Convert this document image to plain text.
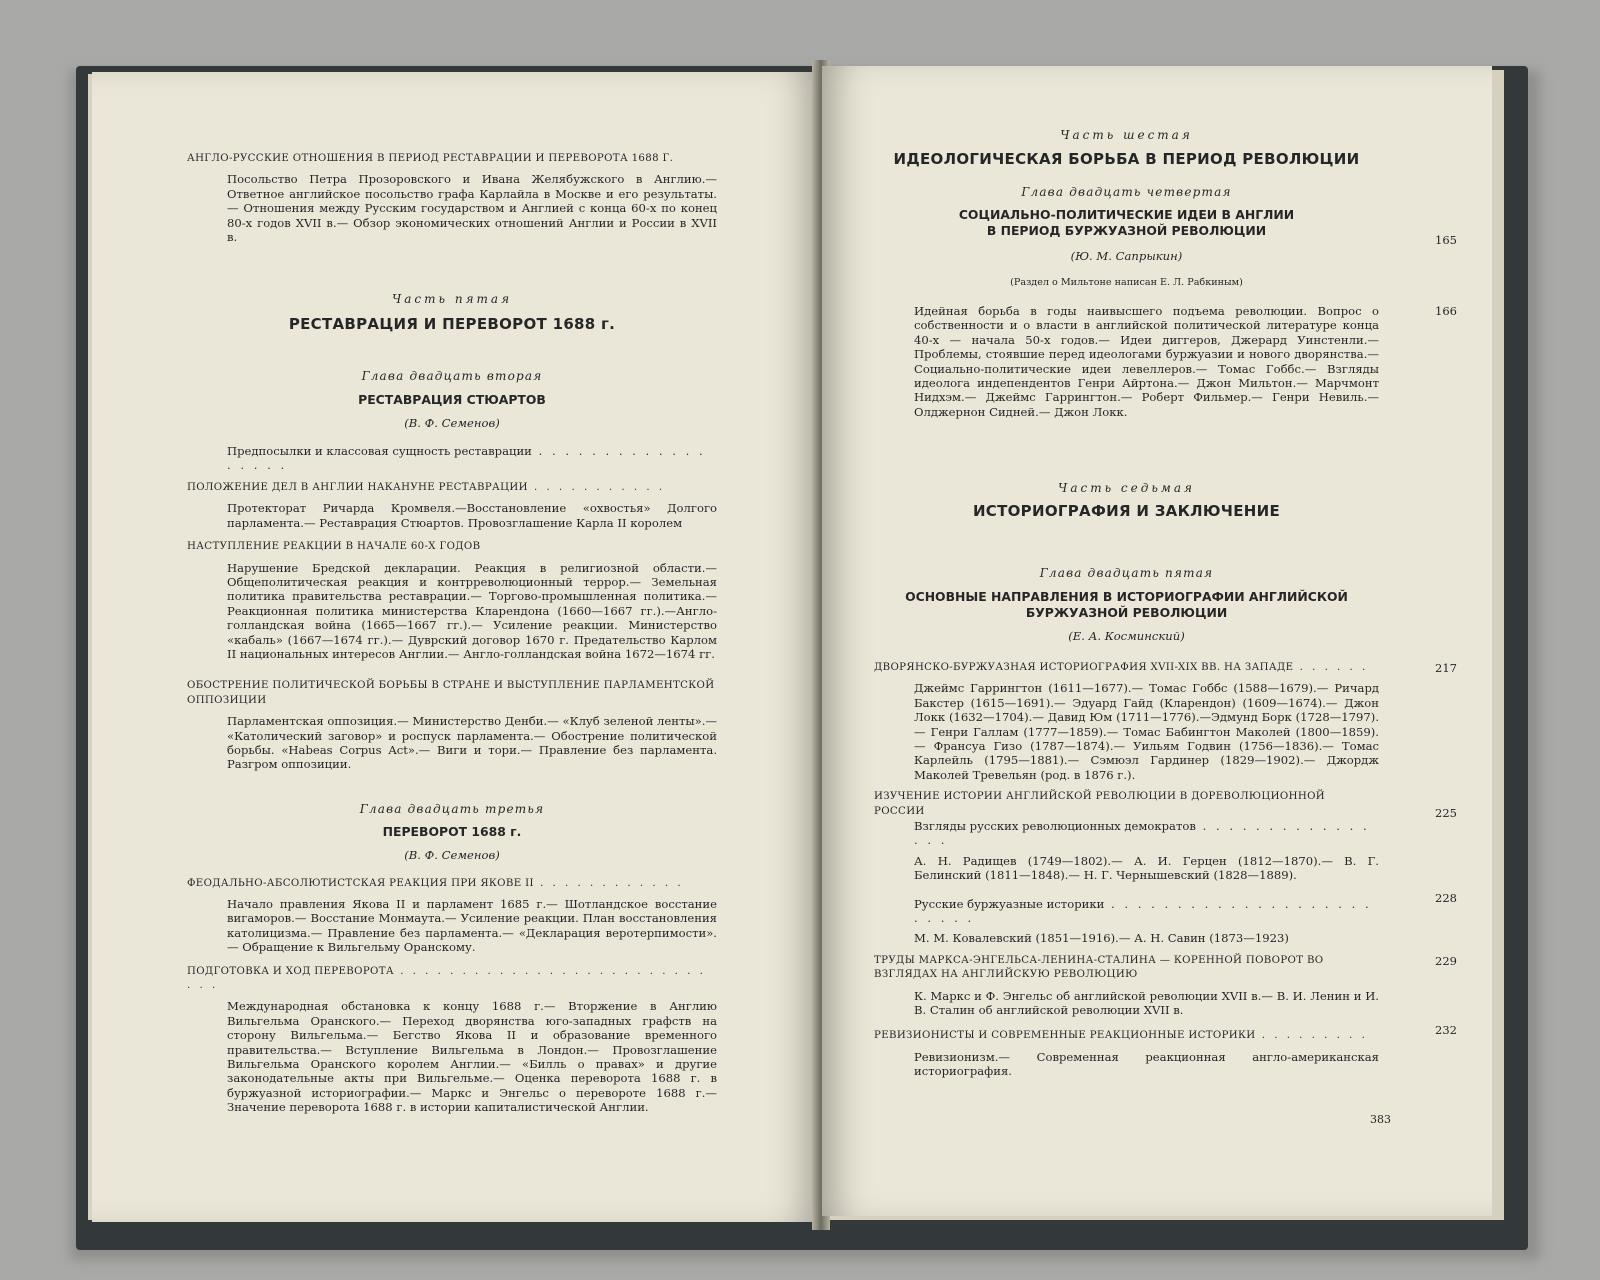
АНГЛО-РУССКИЕ ОТНОШЕНИЯ В ПЕРИОД РЕСТАВРАЦИИ И ПЕРЕВОРОТА 1688 Г.
Посольство Петра Прозоровского и Ивана Желябужского в Англию.— Ответное английское посольство графа Карлайла в Москве и его результаты.— Отношения между Русским государством и Англией с конца 60-х по конец 80-х годов XVII в.— Обзор экономических отношений Англии и России в XVII в.
Часть пятая
РЕСТАВРАЦИЯ И ПЕРЕВОРОТ 1688 г.
Глава двадцать вторая
РЕСТАВРАЦИЯ СТЮАРТОВ
(В. Ф. Семенов)
Предпосылки и классовая сущность реставрации . . . . . . . . . . . . . . . . . .
ПОЛОЖЕНИЕ ДЕЛ В АНГЛИИ НАКАНУНЕ РЕСТАВРАЦИИ . . . . . . . . . . .
Протекторат Ричарда Кромвеля.—Восстановление «охвостья» Долгого парламента.— Реставрация Стюартов. Провозглашение Карла II королем
НАСТУПЛЕНИЕ РЕАКЦИИ В НАЧАЛЕ 60-Х ГОДОВ
Нарушение Бредской декларации. Реакция в религиозной области.—Общеполитическая реакция и контрреволюционный террор.— Земельная политика правительства реставрации.— Торгово-промышленная политика.— Реакционная политика министерства Кларендона (1660—1667 гг.).—Англо-голландская война (1665—1667 гг.).— Усиление реакции. Министерство «кабаль» (1667—1674 гг.).— Дуврский договор 1670 г. Предательство Карлом II национальных интересов Англии.— Англо-голландская война 1672—1674 гг.
ОБОСТРЕНИЕ ПОЛИТИЧЕСКОЙ БОРЬБЫ В СТРАНЕ И ВЫСТУПЛЕНИЕ ПАРЛАМЕНТСКОЙ ОППОЗИЦИИ
Парламентская оппозиция.— Министерство Денби.— «Клуб зеленой ленты».— «Католический заговор» и роспуск парламента.— Обострение политической борьбы. «Habeas Corpus Act».— Виги и тори.— Правление без парламента. Разгром оппозиции.
Глава двадцать третья
ПЕРЕВОРОТ 1688 г.
(В. Ф. Семенов)
ФЕОДАЛЬНО-АБСОЛЮТИСТСКАЯ РЕАКЦИЯ ПРИ ЯКОВЕ II . . . . . . . . . . . .
Начало правления Якова II и парламент 1685 г.— Шотландское восстание вигаморов.— Восстание Монмаута.— Усиление реакции. План восстановления католицизма.— Правление без парламента.— «Декларация веротерпимости».— Обращение к Вильгельму Оранскому.
ПОДГОТОВКА И ХОД ПЕРЕВОРОТА . . . . . . . . . . . . . . . . . . . . . . . . . . . .
Международная обстановка к концу 1688 г.— Вторжение в Англию Вильгельма Оранского.— Переход дворянства юго-западных графств на сторону Вильгельма.— Бегство Якова II и образование временного правительства.— Вступление Вильгельма в Лондон.— Провозглашение Вильгельма Оранского королем Англии.— «Билль о правах» и другие законодательные акты при Вильгельме.— Оценка переворота 1688 г. в буржуазной историографии.— Маркс и Энгельс о перевороте 1688 г.— Значение переворота 1688 г. в истории капиталистической Англии.
Часть шестая
ИДЕОЛОГИЧЕСКАЯ БОРЬБА В ПЕРИОД РЕВОЛЮЦИИ
Глава двадцать четвертая
СОЦИАЛЬНО-ПОЛИТИЧЕСКИЕ ИДЕИ В АНГЛИИ
В ПЕРИОД БУРЖУАЗНОЙ РЕВОЛЮЦИИ
165
(Ю. М. Сапрыкин)
(Раздел о Мильтоне написан Е. Л. Рабкиным)
166
Идейная борьба в годы наивысшего подъема революции. Вопрос о собственности и о власти в английской политической литературе конца 40-х — начала 50-х годов.— Идеи диггеров, Джерард Уинстенли.— Проблемы, стоявшие перед идеологами буржуазии и нового дворянства.— Социально-политические идеи левеллеров.— Томас Гоббс.— Взгляды идеолога индепендентов Генри Айртона.— Джон Мильтон.— Марчмонт Нидхэм.— Джеймс Гаррингтон.— Роберт Фильмер.— Генри Невиль.— Олджернон Сидней.— Джон Локк.
Часть седьмая
ИСТОРИОГРАФИЯ И ЗАКЛЮЧЕНИЕ
Глава двадцать пятая
ОСНОВНЫЕ НАПРАВЛЕНИЯ В ИСТОРИОГРАФИИ АНГЛИЙСКОЙ
БУРЖУАЗНОЙ РЕВОЛЮЦИИ
(Е. А. Косминский)
ДВОРЯНСКО-БУРЖУАЗНАЯ ИСТОРИОГРАФИЯ XVII-XIX ВВ. НА ЗАПАДЕ . . . . . .	217
Джеймс Гаррингтон (1611—1677).— Томас Гоббс (1588—1679).— Ричард Бакстер (1615—1691).— Эдуард Гайд (Кларендон) (1609—1674).— Джон Локк (1632—1704).— Давид Юм (1711—1776).—Эдмунд Борк (1728—1797).— Генри Галлам (1777—1859).— Томас Бабингтон Маколей (1800—1859).— Франсуа Гизо (1787—1874).— Уильям Годвин (1756—1836).— Томас Карлейль (1795—1881).— Сэмюэл Гардинер (1829—1902).— Джордж Маколей Тревельян (род. в 1876 г.).
ИЗУЧЕНИЕ ИСТОРИИ АНГЛИЙСКОЙ РЕВОЛЮЦИИ В ДОРЕВОЛЮЦИОННОЙ РОССИИ
Взгляды русских революционных демократов . . . . . . . . . . . . . . . .
225
А. Н. Радищев (1749—1802).— А. И. Герцен (1812—1870).— В. Г. Белинский (1811—1848).— Н. Г. Чернышевский (1828—1889).
Русские буржуазные историки . . . . . . . . . . . . . . . . . . . . . . . . .
228
М. М. Ковалевский (1851—1916).— А. Н. Савин (1873—1923)
ТРУДЫ МАРКСА-ЭНГЕЛЬСА-ЛЕНИНА-СТАЛИНА — КОРЕННОЙ ПОВОРОТ ВО ВЗГЛЯДАХ НА АНГЛИЙСКУЮ РЕВОЛЮЦИЮ
229
К. Маркс и Ф. Энгельс об английской революции XVII в.— В. И. Ленин и И. В. Сталин об английской революции XVII в.
РЕВИЗИОНИСТЫ И СОВРЕМЕННЫЕ РЕАКЦИОННЫЕ ИСТОРИКИ . . . . . . . . .	232
Ревизионизм.— Современная реакционная англо-американская историография.
383
